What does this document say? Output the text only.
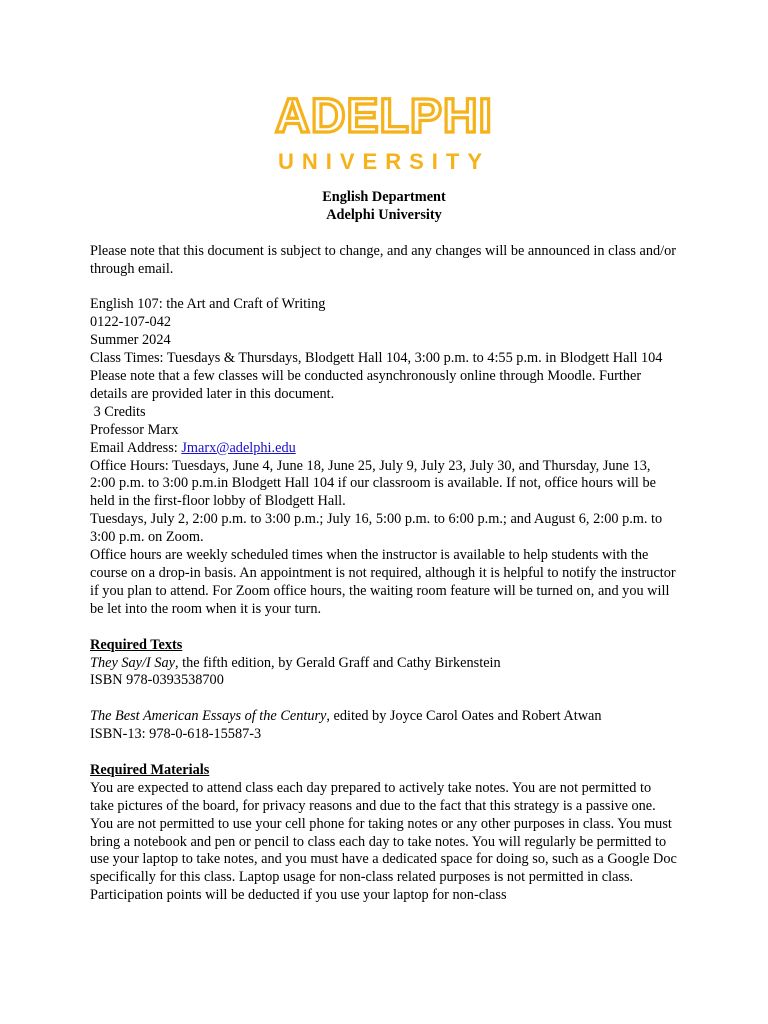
ADELPHI
UNIVERSITY

English Department

Adelphi University

Please note that this document is subject to change, and any changes will be announced in class and/or through email.

English 107: the Art and Craft of Writing

0122-107-042

Summer 2024

Class Times: Tuesdays & Thursdays, Blodgett Hall 104, 3:00 p.m. to 4:55 p.m. in Blodgett Hall 104

Please note that a few classes will be conducted asynchronously online through Moodle. Further details are provided later in this document.

3 Credits

Professor Marx

Email Address: Jmarx@adelphi.edu

Office Hours: Tuesdays, June 4, June 18, June 25, July 9, July 23, July 30, and Thursday, June 13, 2:00 p.m. to 3:00 p.m.in Blodgett Hall 104 if our classroom is available. If not, office hours will be held in the first-floor lobby of Blodgett Hall.

Tuesdays, July 2, 2:00 p.m. to 3:00 p.m.; July 16, 5:00 p.m. to 6:00 p.m.; and August 6, 2:00 p.m. to 3:00 p.m. on Zoom.

Office hours are weekly scheduled times when the instructor is available to help students with the course on a drop-in basis. An appointment is not required, although it is helpful to notify the instructor if you plan to attend. For Zoom office hours, the waiting room feature will be turned on, and you will be let into the room when it is your turn.

Required Texts

They Say/I Say, the fifth edition, by Gerald Graff and Cathy Birkenstein

ISBN 978-0393538700

The Best American Essays of the Century, edited by Joyce Carol Oates and Robert Atwan

ISBN-13: 978-0-618-15587-3

Required Materials

You are expected to attend class each day prepared to actively take notes. You are not permitted to take pictures of the board, for privacy reasons and due to the fact that this strategy is a passive one. You are not permitted to use your cell phone for taking notes or any other purposes in class. You must bring a notebook and pen or pencil to class each day to take notes. You will regularly be permitted to use your laptop to take notes, and you must have a dedicated space for doing so, such as a Google Doc specifically for this class. Laptop usage for non-class related purposes is not permitted in class. Participation points will be deducted if you use your laptop for non-class
